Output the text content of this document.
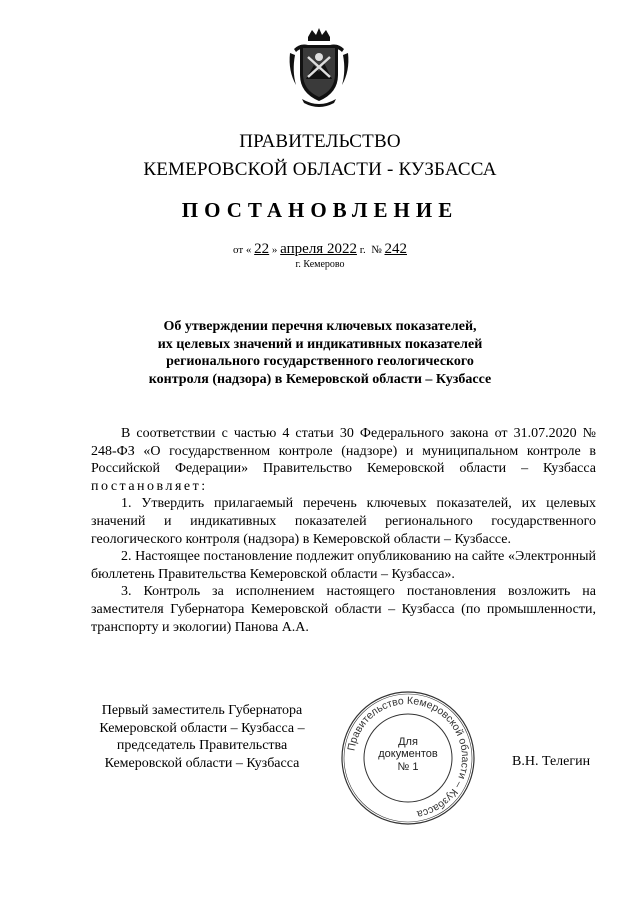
ПРАВИТЕЛЬСТВО
КЕМЕРОВСКОЙ ОБЛАСТИ - КУЗБАССА
ПОСТАНОВЛЕНИЕ
от « 22 » апреля 2022 г. № 242
г. Кемерово
Об утверждении перечня ключевых показателей,
их целевых значений и индикативных показателей
регионального государственного геологического
контроля (надзора) в Кемеровской области – Кузбассе

В соответствии с частью 4 статьи 30 Федерального закона от 31.07.2020 № 248-ФЗ «О государственном контроле (надзоре) и муниципальном контроле в Российской Федерации» Правительство Кемеровской области – Кузбасса постановляет:

1. Утвердить прилагаемый перечень ключевых показателей, их целевых значений и индикативных показателей регионального государственного геологического контроля (надзора) в Кемеровской области – Кузбассе.

2. Настоящее постановление подлежит опубликованию на сайте «Электронный бюллетень Правительства Кемеровской области – Кузбасса».

3. Контроль за исполнением настоящего постановления возложить на заместителя Губернатора Кемеровской области – Кузбасса (по промышленности, транспорту и экологии) Панова А.А.

Первый заместитель Губернатора
Кемеровской области – Кузбасса –
председатель Правительства
Кемеровской области – Кузбасса
Правительство Кемеровской области – Кузбасса
Для
документов
№ 1	В.Н. Телегин
